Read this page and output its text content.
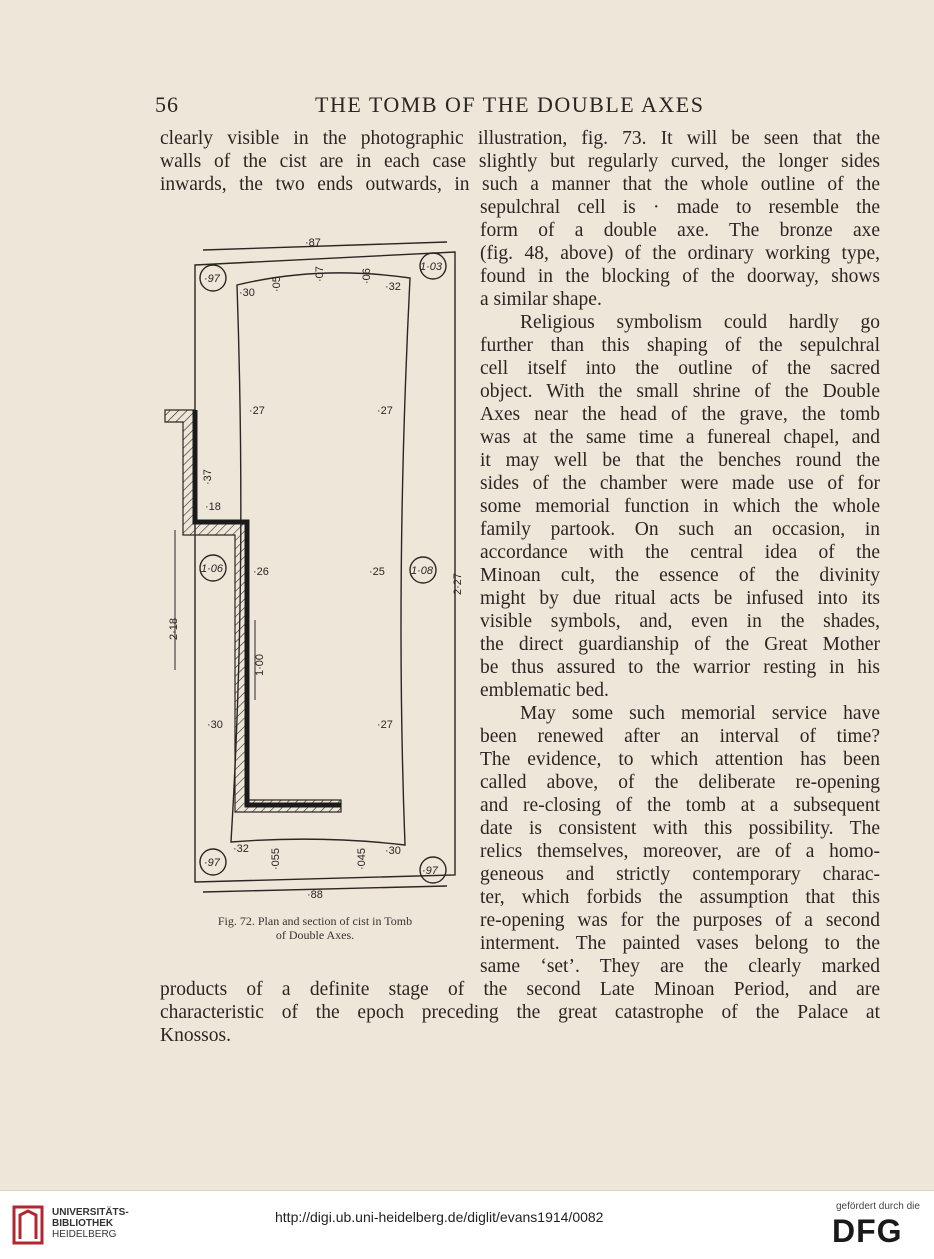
56	THE TOMB OF THE DOUBLE AXES
clearly visible in the photographic illustration, fig. 73. It will be seen that the
walls of the cist are in each case slightly but regularly curved, the longer sides
inwards, the two ends outwards, in such a manner that the whole outline of the
sepulchral cell is · made to resemble the
form of a double axe. The bronze axe
(fig. 48, above) of the ordinary working type,
found in the blocking of the doorway, shows
a similar shape.
Religious symbolism could hardly go
further than this shaping of the sepulchral
cell itself into the outline of the sacred
object. With the small shrine of the Double
Axes near the head of the grave, the tomb
was at the same time a funereal chapel, and
it may well be that the benches round the
sides of the chamber were made use of for
some memorial function in which the whole
family partook. On such an occasion, in
accordance with the central idea of the
Minoan cult, the essence of the divinity
might by due ritual acts be infused into its
visible symbols, and, even in the shades,
the direct guardianship of the Great Mother
be thus assured to the warrior resting in his
emblematic bed.
May some such memorial service have
been renewed after an interval of time?
The evidence, to which attention has been
called above, of the deliberate re-opening
and re-closing of the tomb at a subsequent
date is consistent with this possibility. The
relics themselves, moreover, are of a homo-
geneous and strictly contemporary charac-
ter, which forbids the assumption that this
re-opening was for the purposes of a second
interment. The painted vases belong to the
same ‘set’. They are the clearly marked
products of a definite stage of the second Late Minoan Period, and are
characteristic of the epoch preceding the great catastrophe of the Palace at
Knossos.
·87
·88
·97
1·03
·97
·97
·30	·32
·05
·07	·06
·27	·27
·37
·18
1·06	1·08
·26	·25
2·18
2·27
1·00
·30	·27
·32	·30
·055	·045
Fig. 72. Plan and section of cist in Tomb
of Double Axes.
UNIVERSITÄTS-
BIBLIOTHEK
HEIDELBERG
http://digi.ub.uni-heidelberg.de/diglit/evans1914/0082
gefördert durch die
DFG
